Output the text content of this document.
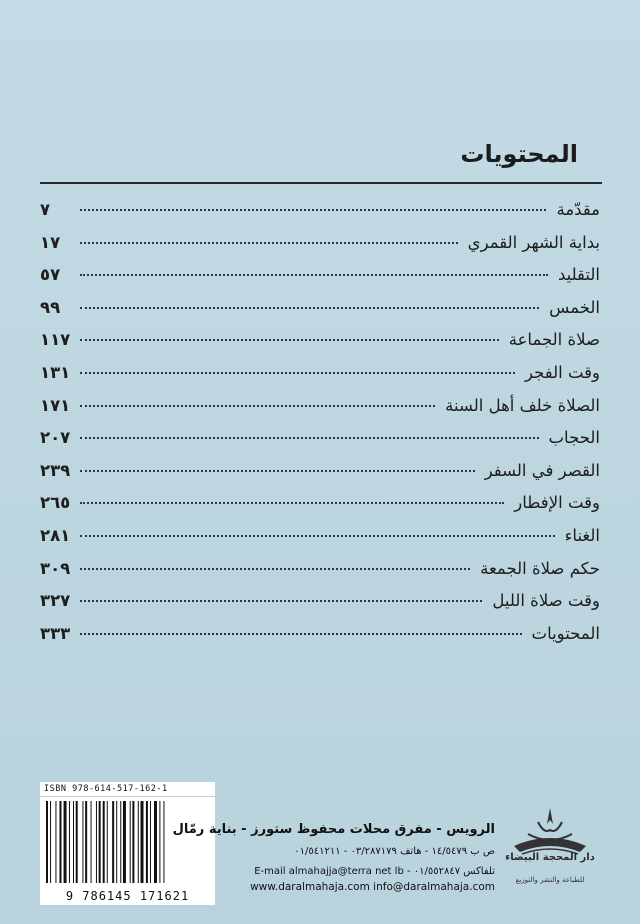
المحتويات
مقدّمة
٧
بداية الشهر القمري
١٧
التقليد
٥٧
الخمس
٩٩
صلاة الجماعة
١١٧
وقت الفجر
١٣١
الصلاة خلف أهل السنة
١٧١
الحجاب
٢٠٧
القصر في السفر
٢٣٩
وقت الإفطار
٢٦٥
الغناء
٢٨١
حكم صلاة الجمعة
٣٠٩
وقت صلاة الليل
٣٢٧
المحتويات
٣٣٣
ISBN 978-614-517-162-1
9 786145 171621
الرويس - مفرق محلات محفوظ ستورز - بناية رمّال
ص ب ١٤/٥٤٧٩ - هاتف ٠٣/٢٨٧١٧٩ - ٠١/٥٤١٢١١
تلفاكس ٠١/٥٥٢٨٤٧ - E-mail almahajja@terra net lb
www.daralmahaja.com info@daralmahaja.com
دار المحجة البيضاء
للطباعة والنشر والتوزيع
